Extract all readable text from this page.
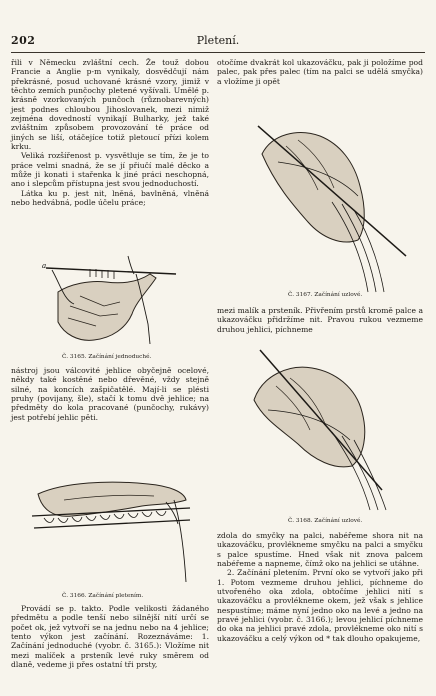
202	Pletení.

řili v Německu zvláštní cech. Že touž dobou Francie a Anglie p-m vynikaly, dosvědčují nám překrásné, posud uchované krásné vzory, jimiž v těchto zemích punčochy pletené vyšívali. Umělé p. krásně vzorkovaných punčoch (různobarevných) jest podnes chloubou Jihoslovanek, mezi nimiž zejména dovedností vynikají Bulharky, jež také zvláštním způsobem provozování té práce od jiných se liší, otáčejíce totiž pletoucí přízi kolem krku.

Veliká rozšířenost p. vysvětluje se tím, že je to práce velmi snadná, že se jí přiučí malé děcko a může ji konati i stařenka k jiné práci neschopná, ano i slepcům přístupna jest svou jednoduchostí.

Látka ku p. jest nit, lněná, bavlněná, vlněná nebo hedvábná, podle účelu práce;

a
Č. 3165. Začínání jednoduché.

nástroj jsou válcovité jehlice obyčejně ocelové, někdy také kostěné nebo dřevěné, vždy stejně silné, na koncích zašpičatělé. Mají-li se plésti pruhy (povijany, šle), stačí k tomu dvě jehlice; na předměty do kola pracované (punčochy, rukávy) jest potřebí jehlic pěti.

Č. 3166. Začínání pletením.

Provádí se p. takto. Podle velikosti žádaného předmětu a podle tenší nebo silnější nití určí se počet ok, jež vytvoří se na jednu nebo na 4 jehlice; tento výkon jest začínání. Rozeznáváme: 1. Začínání jednoduché (vyobr. č. 3165.): Vložíme nit mezi malíček a prsteník levé ruky směrem od dlaně, vedeme ji přes ostatní tři prsty,

otočíme dvakrát kol ukazováčku, pak ji položíme pod palec, pak přes palec (tím na palci se udělá smyčka) a vložíme ji opět

Č. 3167. Začínání uzlové.

mezi malík a prsteník. Přivřením prstů kromě palce a ukazováčku přidržíme nit. Pravou rukou vezmeme druhou jehlici, píchneme

Č. 3168. Začínání uzlové.

zdola do smyčky na palci, nabéřeme shora nit na ukazováčku, provlékneme smyčku na palci a smyčku s palce spustíme. Hned však nit znova palcem nabéřeme a napneme, čímž oko na jehlici se utáhne.

2. Začínání pletením. První oko se vytvoří jako při 1. Potom vezmeme druhou jehlici, píchneme do utvořeného oka zdola, obtočíme jehlici nití s ukazováčku a provlékneme okem, jež však s jehlice nespustíme; máme nyní jedno oko na levé a jedno na pravé jehlici (vyobr. č. 3166.); levou jehlicí píchneme do oka na jehlici pravé zdola, provlékneme oko nití s ukazováčku a celý výkon od * tak dlouho opakujeme,
